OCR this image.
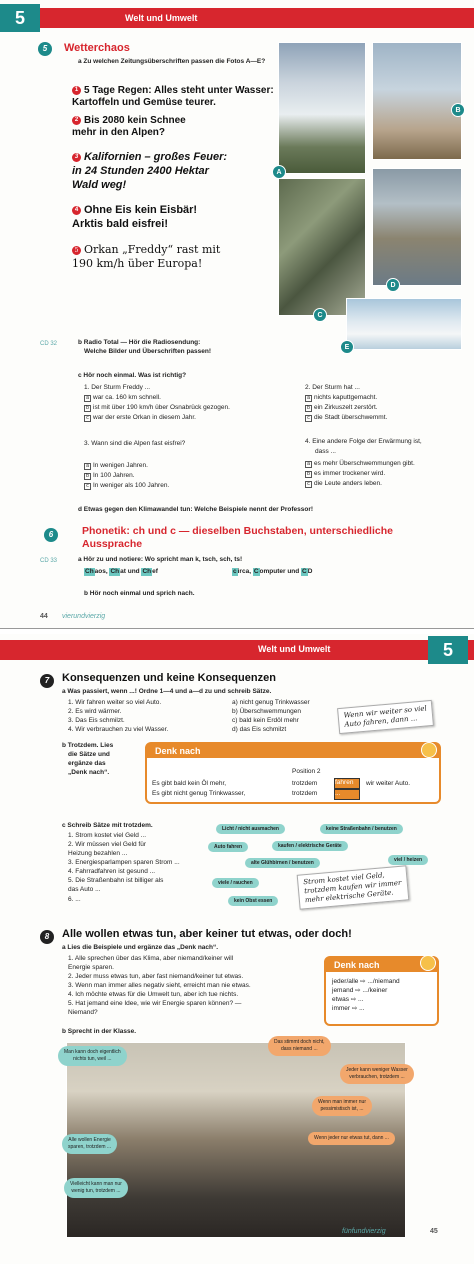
5	Welt und Umwelt
5	Wetterchaos
a Zu welchen Zeitungsüberschriften passen die Fotos A—E?
1 5 Tage Regen: Alles steht unter Wasser:
Kartoffeln und Gemüse teurer.
2 Bis 2080 kein Schnee
mehr in den Alpen?
3 Kalifornien – großes Feuer:
in 24 Stunden 2400 Hektar
Wald weg!
4 Ohne Eis kein Eisbär!
Arktis bald eisfrei!
5 Orkan „Freddy“ rast mit
190 km/h über Europa!
A
B
C
D
E
CD 32	b Radio Total — Hör die Radiosendung:
Welche Bilder und Überschriften passen!
c Hör noch einmal. Was ist richtig?
1. Der Sturm Freddy ...
a war ca. 160 km schnell.
b ist mit über 190 km/h über Osnabrück gezogen.
c war der erste Orkan in diesem Jahr.
2. Der Sturm hat ...
a nichts kaputtgemacht.
b ein Zirkuszelt zerstört.
c die Stadt überschwemmt.
3. Wann sind die Alpen fast eisfrei?
a In wenigen Jahren.
b In 100 Jahren.
c In weniger als 100 Jahren.
4. Eine andere Folge der Erwärmung ist,
dass ...
a es mehr Überschwemmungen gibt.
b es immer trockener wird.
c die Leute anders leben.
d Etwas gegen den Klimawandel tun: Welche Beispiele nennt der Professor!
6	Phonetik: ch und c — dieselben Buchstaben, unterschiedliche
Aussprache
CD 33	a Hör zu und notiere: Wo spricht man k, tsch, sch, ts!
Chaos, Chat und Chef	circa, Computer und CD
b Hör noch einmal und sprich nach.
44 vierundvierzig
Welt und Umwelt	5
7	Konsequenzen und keine Konsequenzen
a Was passiert, wenn ...! Ordne 1—4 und a—d zu und schreib Sätze.
1. Wir fahren weiter so viel Auto.
2. Es wird wärmer.
3. Das Eis schmilzt.
4. Wir verbrauchen zu viel Wasser.
a) nicht genug Trinkwasser
b) Überschwemmungen
c) bald kein Erdöl mehr
d) das Eis schmilzt
Wenn wir weiter so viel
Auto fahren, dann ...
b Trotzdem. Lies
die Sätze und
ergänze das
„Denk nach“.
Denk nach
Position 2
Es gibt bald kein Öl mehr,	trotzdem	fahren	wir weiter Auto.
Es gibt nicht genug Trinkwasser,	trotzdem	...
c Schreib Sätze mit trotzdem.
1. Strom kostet viel Geld ...
2. Wir müssen viel Geld für
Heizung bezahlen ...
3. Energiesparlampen sparen Strom ...
4. Fahrradfahren ist gesund ...
5. Die Straßenbahn ist billiger als
das Auto ...
6. ...
Licht / nicht ausmachen	keine Straßenbahn / benutzen
Auto fahren	kaufen / elektrische Geräte
alte Glühbirnen / benutzen	viel / heizen
viele / rauchen
kein Obst essen
Strom kostet viel Geld,
trotzdem kaufen wir immer
mehr elektrische Geräte.
8	Alle wollen etwas tun, aber keiner tut etwas, oder doch!
a Lies die Beispiele und ergänze das „Denk nach“.
1. Alle sprechen über das Klima, aber niemand/keiner will
Energie sparen.
2. Jeder muss etwas tun, aber fast niemand/keiner tut etwas.
3. Wenn man immer alles negativ sieht, erreicht man nie etwas.
4. Ich möchte etwas für die Umwelt tun, aber ich tue nichts.
5. Hat jemand eine Idee, wie wir Energie sparen können? —
Niemand?
Denk nach
jeder/alle ⇨ .../niemand
jemand ⇨ .../keiner
etwas ⇨ ...
immer ⇨ ...
b Sprecht in der Klasse.
Man kann doch eigentlich
nichts tun, weil ...
Das stimmt doch nicht,
dass niemand ...
Jeder kann weniger Wasser
verbrauchen, trotzdem ...
Wenn man immer nur
pessimistisch ist, ...
Alle wollen Energie
sparen, trotzdem ...
Wenn jeder nur etwas tut, dann ...
Vielleicht kann man nur
wenig tun, trotzdem ...
fünfundvierzig	45
